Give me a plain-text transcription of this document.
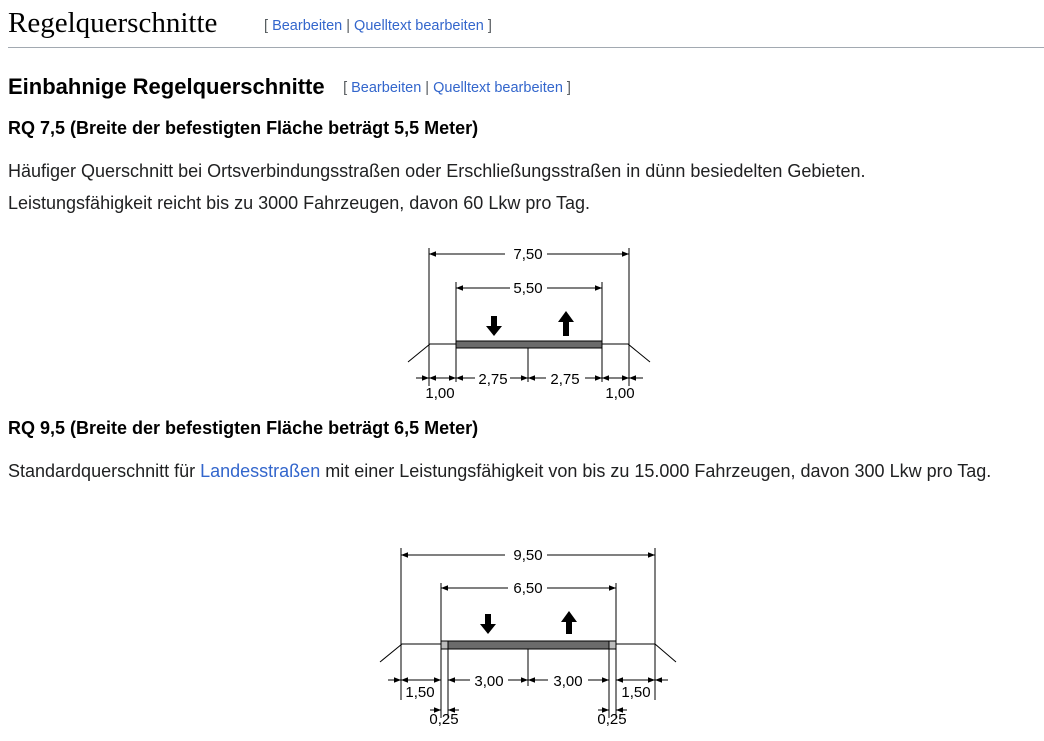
Regelquerschnitte	[ Bearbeiten | Quelltext bearbeiten ]
Einbahnige Regelquerschnitte [ Bearbeiten | Quelltext bearbeiten ]
RQ 7,5 (Breite der befestigten Fläche beträgt 5,5 Meter)
Häufiger Querschnitt bei Ortsverbindungsstraßen oder Erschließungsstraßen in dünn besiedelten Gebieten.
Leistungsfähigkeit reicht bis zu 3000 Fahrzeugen, davon 60 Lkw pro Tag.
7,50
5,50
2,75	2,75
1,00	1,00
RQ 9,5 (Breite der befestigten Fläche beträgt 6,5 Meter)
Standardquerschnitt für Landesstraßen mit einer Leistungsfähigkeit von bis zu 15.000 Fahrzeugen, davon 300 Lkw pro Tag.
9,50
6,50
3,00	3,00
1,50	1,50
0,25	0,25
